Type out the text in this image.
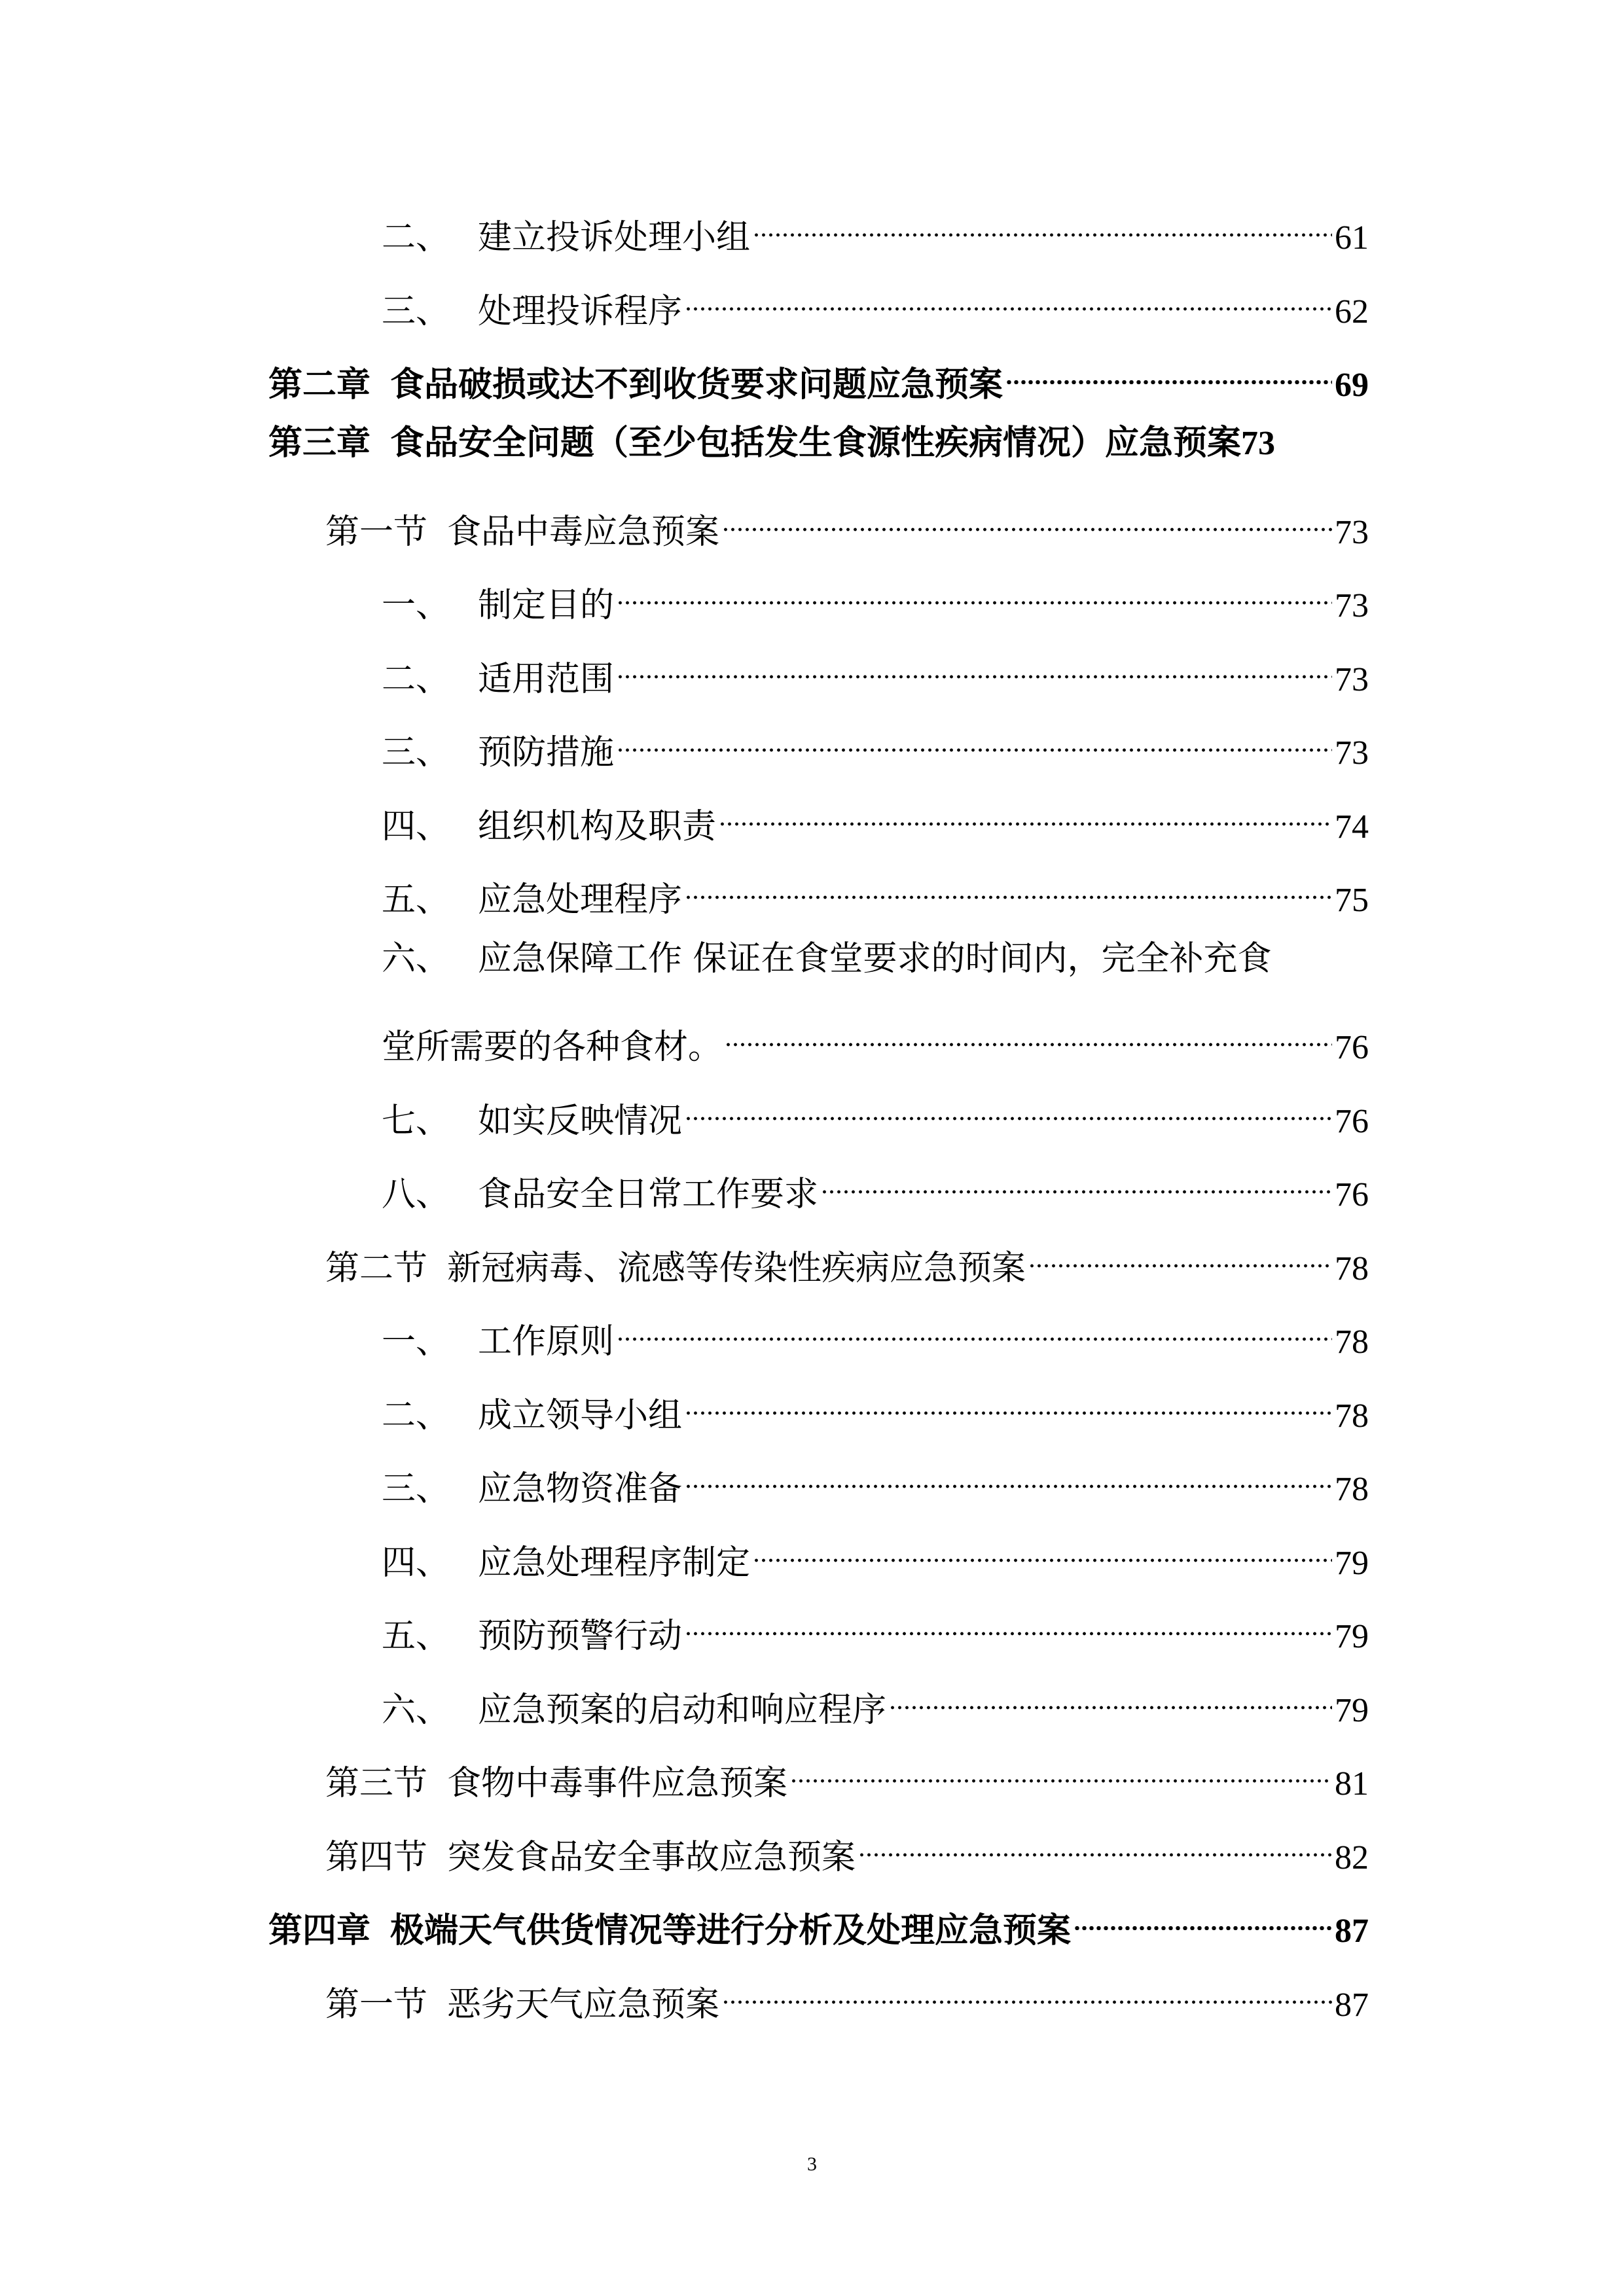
二、 建立投诉处理小组	61
三、 处理投诉程序	62
第二章 食品破损或达不到收货要求问题应急预案	69
第三章 食品安全问题（至少包括发生食源性疾病情况）应急预案 73
第一节 食品中毒应急预案	73
一、 制定目的	73
二、 适用范围	73
三、 预防措施	73
四、 组织机构及职责	74
五、 应急处理程序	75
六、 应急保障工作 保证在食堂要求的时间内，完全补充食
堂所需要的各种食材。	76
七、 如实反映情况	76
八、 食品安全日常工作要求	76
第二节 新冠病毒、流感等传染性疾病应急预案	78
一、 工作原则	78
二、 成立领导小组	78
三、 应急物资准备	78
四、 应急处理程序制定	79
五、 预防预警行动	79
六、 应急预案的启动和响应程序	79
第三节 食物中毒事件应急预案	81
第四节 突发食品安全事故应急预案	82
第四章 极端天气供货情况等进行分析及处理应急预案	87
第一节 恶劣天气应急预案	87
3
